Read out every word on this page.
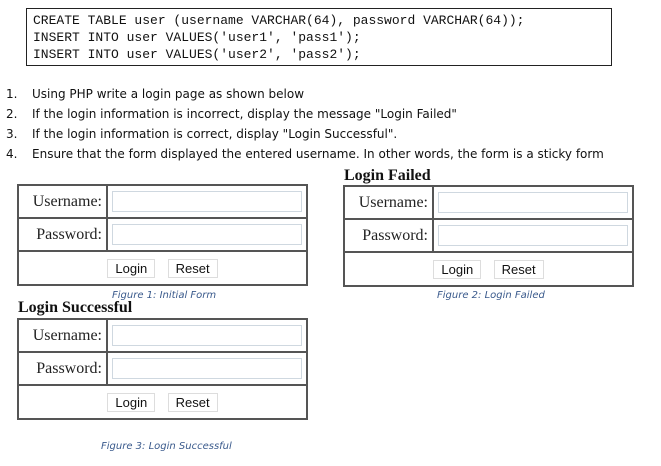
CREATE TABLE user (username VARCHAR(64), password VARCHAR(64));
INSERT INTO user VALUES('user1', 'pass1');
INSERT INTO user VALUES('user2', 'pass2');
1. Using PHP write a login page as shown below
2. If the login information is incorrect, display the message "Login Failed"
3. If the login information is correct, display "Login Successful".
4. Ensure that the form displayed the entered username. In other words, the form is a sticky form
Username:	

Password:	

Login Reset	
Figure 1: Initial Form
Login Failed
Username:	

Password:	

Login Reset	
Figure 2: Login Failed
Login Successful
Username:	

Password:	

Login Reset	
Figure 3: Login Successful
